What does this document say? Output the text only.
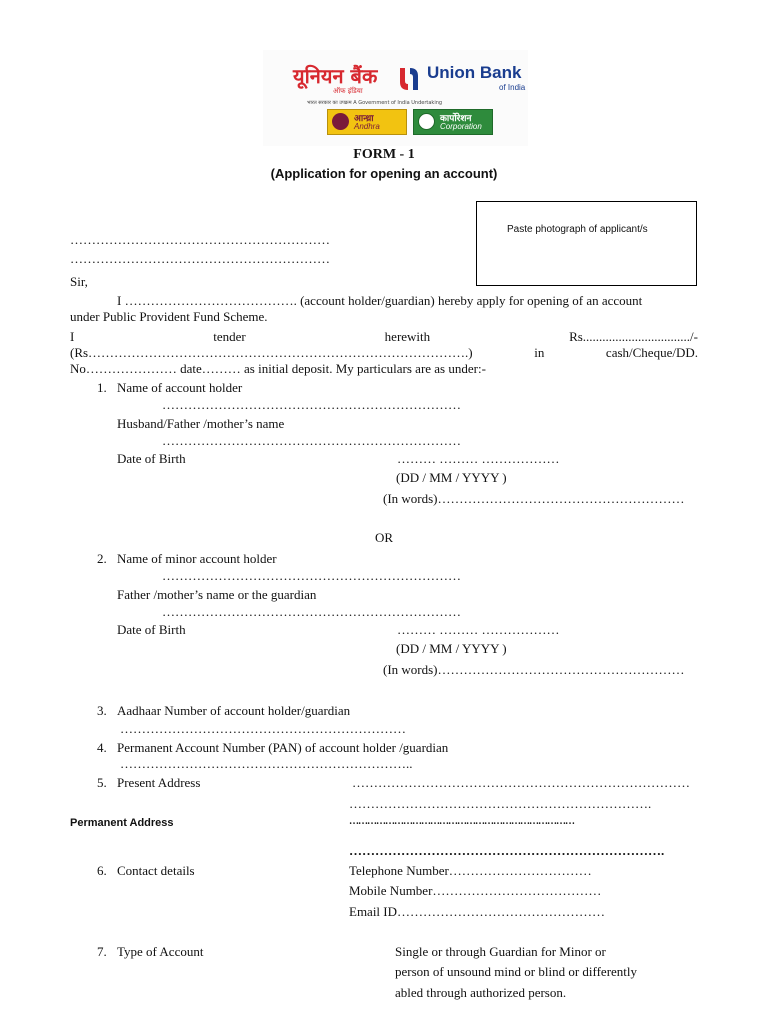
यूनियन बैंक
ऑफ इंडिया
Union Bank
of India
भारत सरकार का उपक्रम A Government of India Undertaking
आन्ध्रा
Andhra
कार्पोरेशन
Corporation
FORM - 1
(Application for opening an account)
Paste photograph of applicant/s
……………………………………………………
……………………………………………………
Sir,
I …………………………………. (account holder/guardian) hereby apply for opening of an account
under Public Provident Fund Scheme.
I	tender	herewith	Rs................................./-
(Rs…………………………………………………………………………….)	in	cash/Cheque/DD.
No………………… date……… as initial deposit. My particulars are as under:-
1. Name of account holder
……………………………………………………………
Husband/Father /mother’s name
……………………………………………………………
Date of Birth	……… ……… ………………
(DD / MM / YYYY )
(In words)…………………………………………………
OR
2. Name of minor account holder
……………………………………………………………
Father /mother’s name or the guardian
……………………………………………………………
Date of Birth	……… ……… ………………
(DD / MM / YYYY )
(In words)…………………………………………………
3. Aadhaar Number of account holder/guardian
…………………………………………………………
4. Permanent Account Number (PAN) of account holder /guardian
…………………………………………………………..
5. Present Address	……………………………………………………………………
…………………………………………………………….
Permanent Address	…………………………………………………………………
……………………………………………………………….
6. Contact details	Telephone Number……………………………
Mobile Number…………………………………
Email ID…………………………………………
7. Type of Account	Single or through Guardian for Minor or
person of unsound mind or blind or differently
abled through authorized person.
